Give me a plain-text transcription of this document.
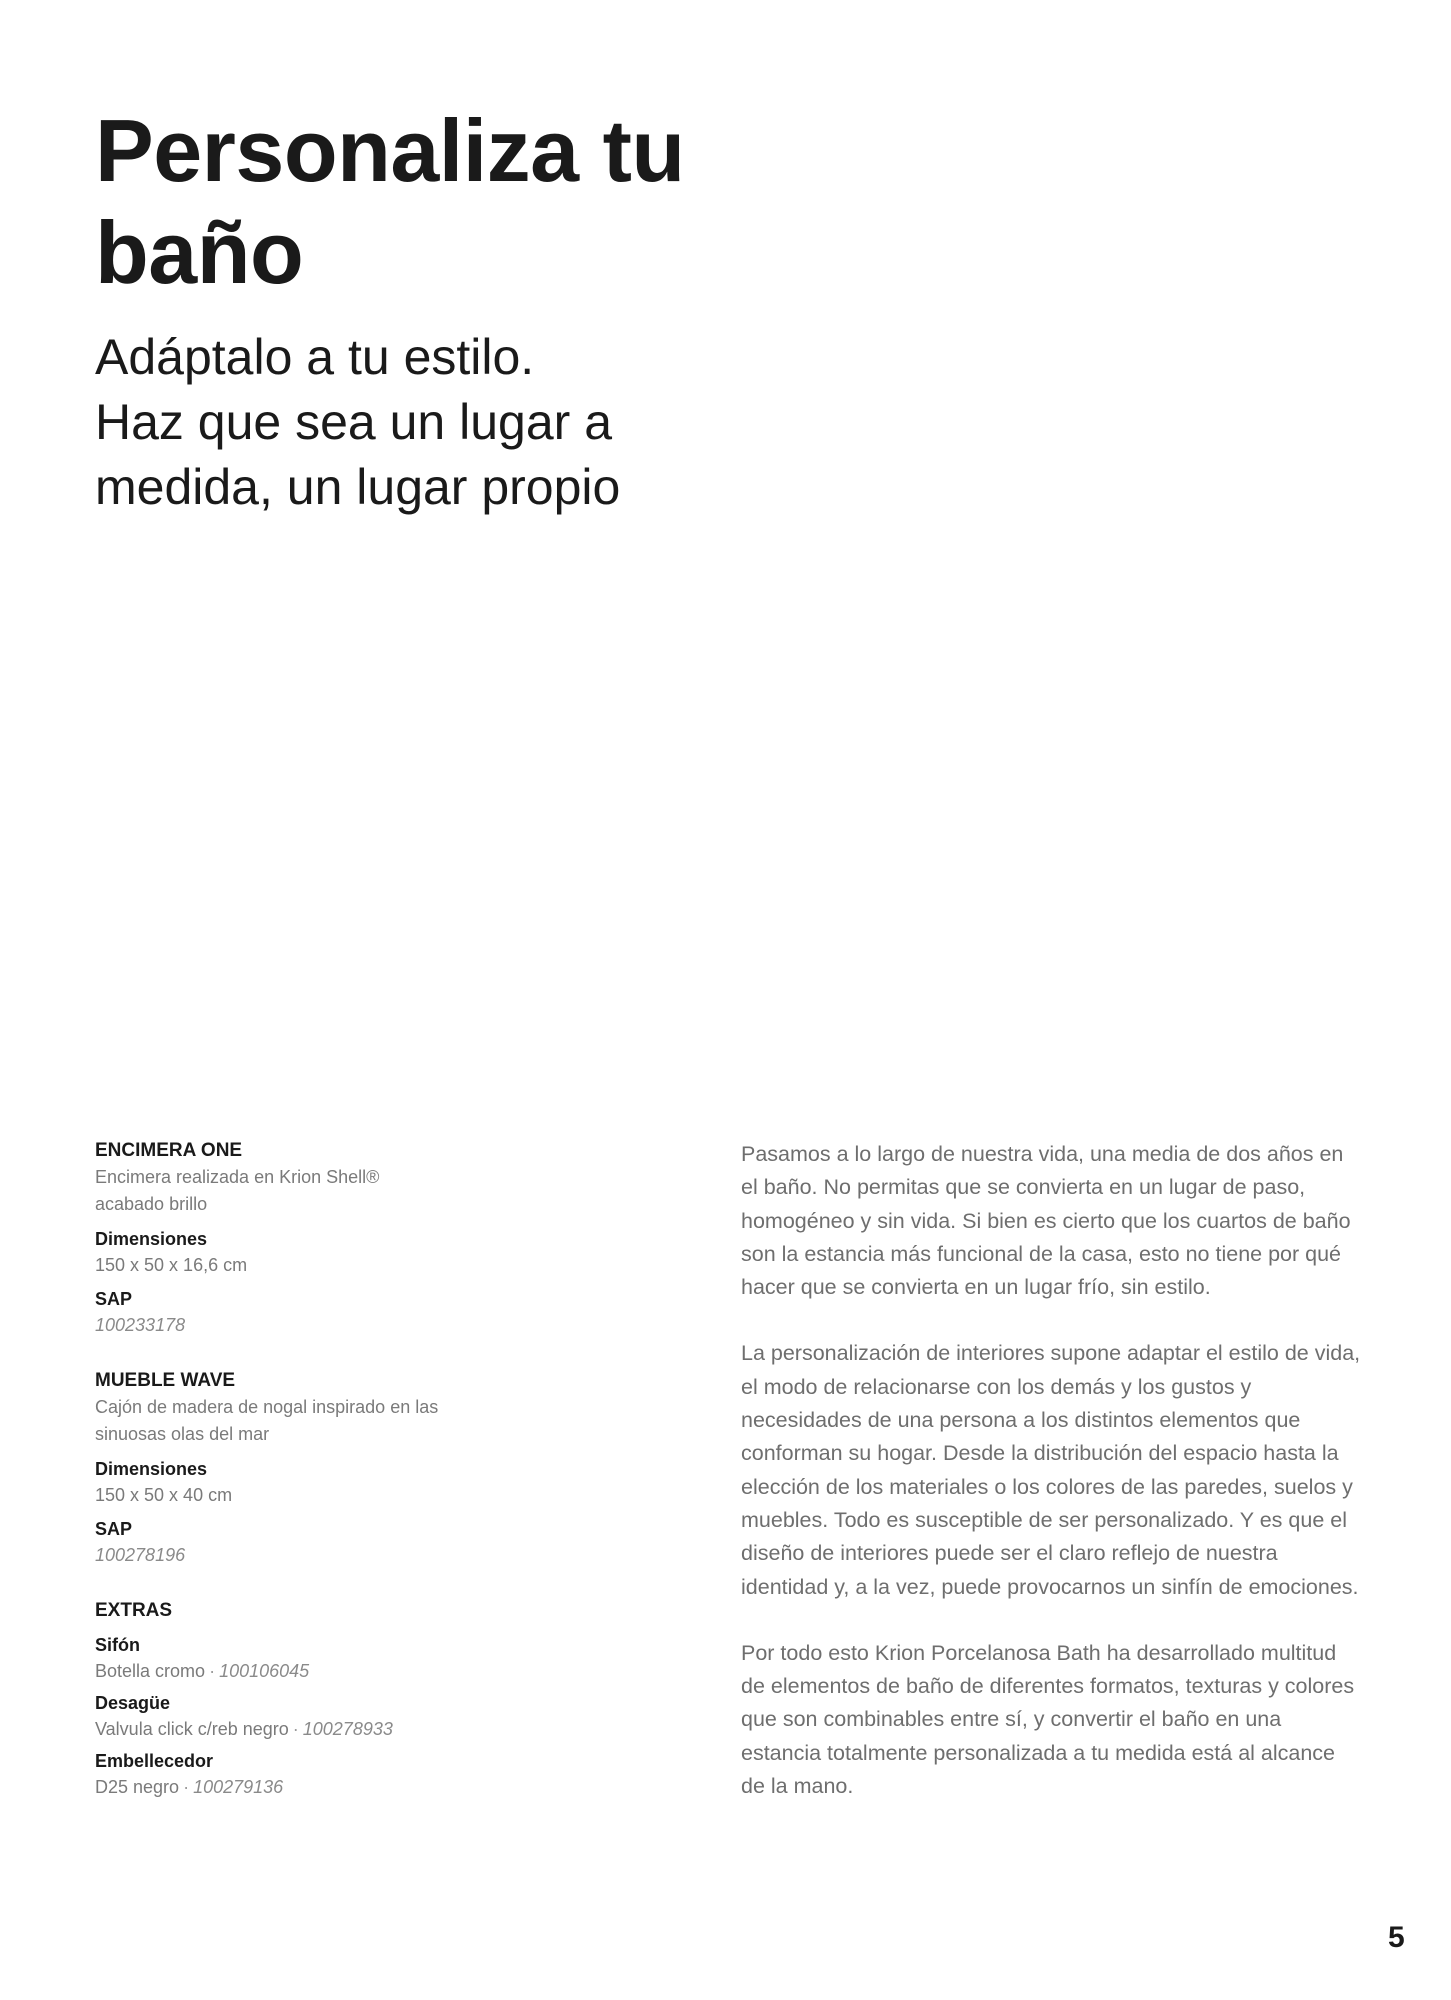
Personaliza tu baño
Adáptalo a tu estilo.
Haz que sea un lugar a
medida, un lugar propio
ENCIMERA ONE
Encimera realizada en Krion Shell® acabado brillo
Dimensiones
150 x 50 x 16,6 cm
SAP
100233178
MUEBLE WAVE
Cajón de madera de nogal inspirado en las sinuosas olas del mar
Dimensiones
150 x 50 x 40 cm
SAP
100278196
EXTRAS
Sifón
Botella cromo · 100106045
Desagüe
Valvula click c/reb negro · 100278933
Embellecedor
D25 negro · 100279136

Pasamos a lo largo de nuestra vida, una media de dos años en el baño. No permitas que se convierta en un lugar de paso, homogéneo y sin vida. Si bien es cierto que los cuartos de baño son la estancia más funcional de la casa, esto no tiene por qué hacer que se convierta en un lugar frío, sin estilo.

La personalización de interiores supone adaptar el estilo de vida, el modo de relacionarse con los demás y los gustos y necesidades de una persona a los distintos elementos que conforman su hogar. Desde la distribución del espacio hasta la elección de los materiales o los colores de las paredes, suelos y muebles. Todo es susceptible de ser personalizado. Y es que el diseño de interiores puede ser el claro reflejo de nuestra identidad y, a la vez, puede provocarnos un sinfín de emociones.

Por todo esto Krion Porcelanosa Bath ha desarrollado multitud de elementos de baño de diferentes formatos, texturas y colores que son combinables entre sí, y convertir el baño en una estancia totalmente personalizada a tu medida está al alcance de la mano.

5
